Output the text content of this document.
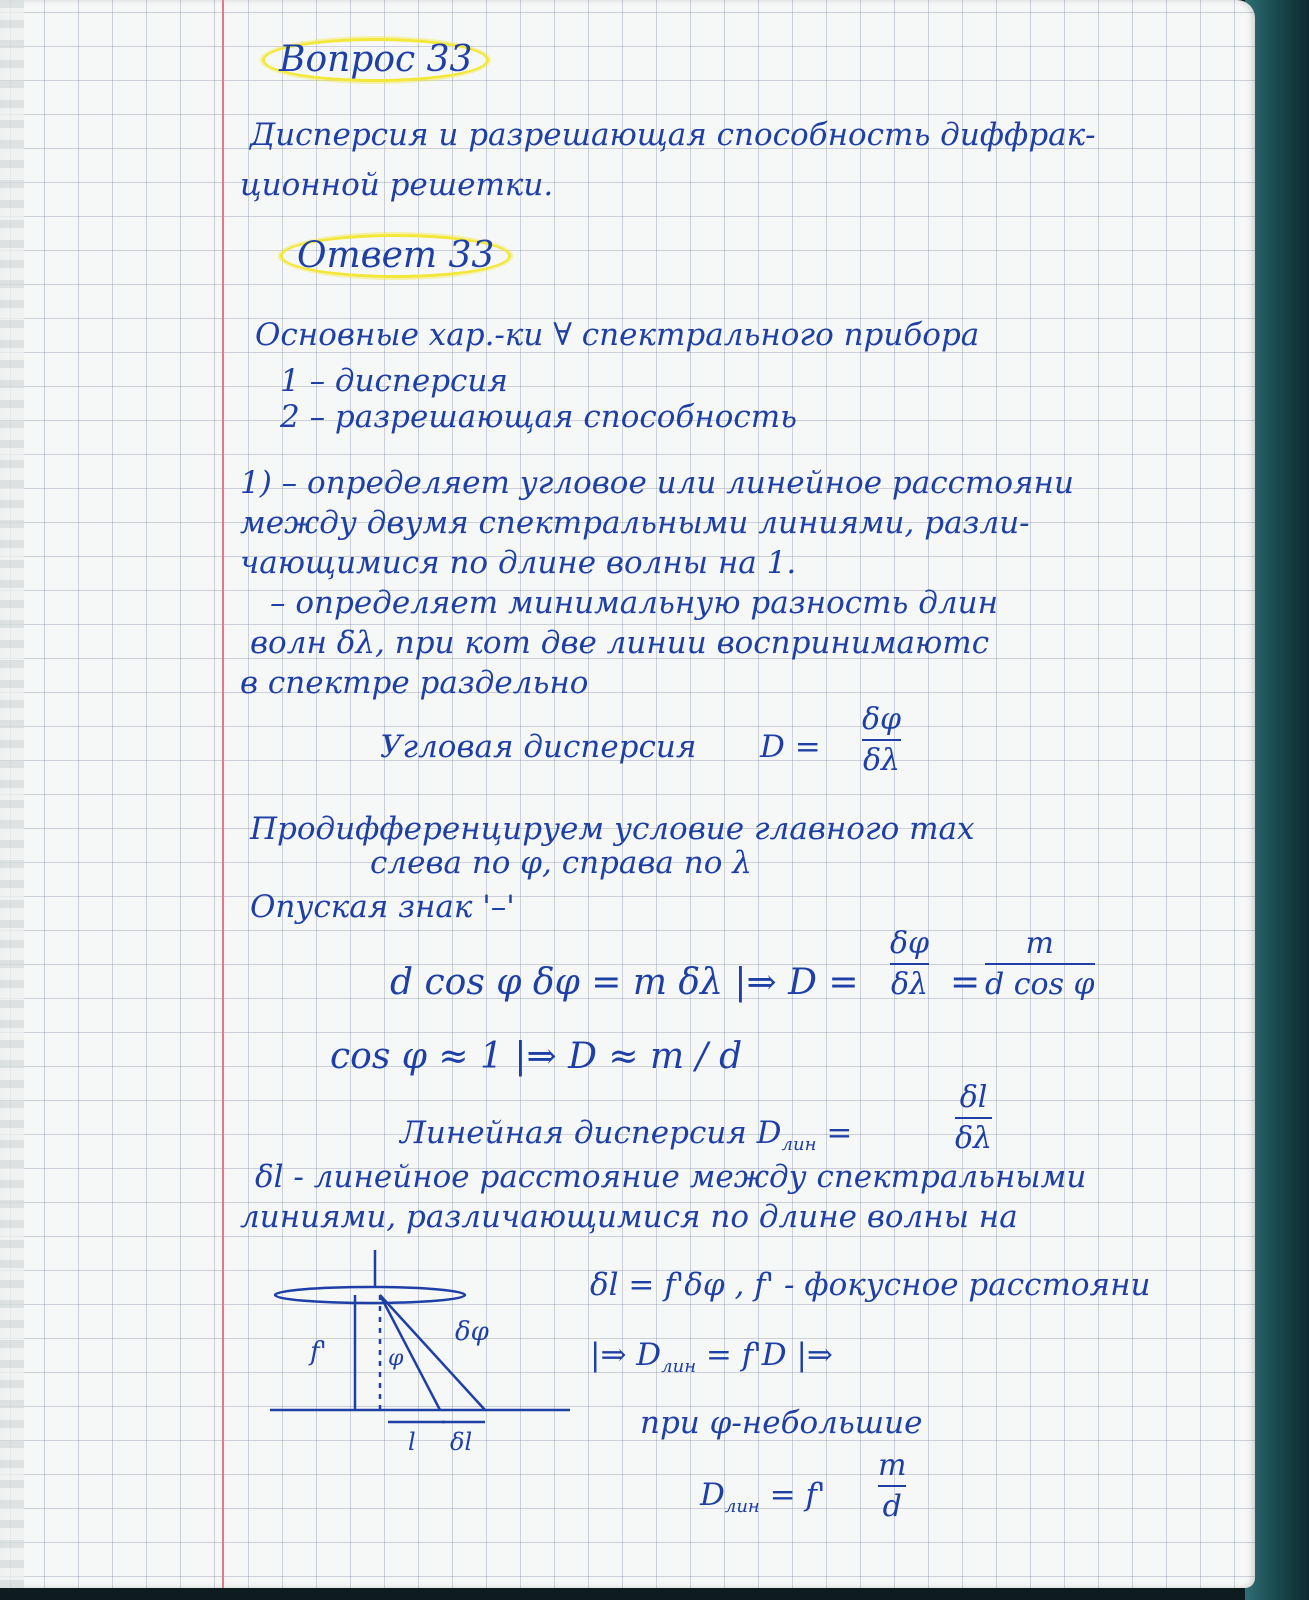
Вопрос 33
Дисперсия и разрешающая способность диффрак-
ционной решетки.
Ответ 33
Основные хар.-ки ∀ спектрального прибора
1 – дисперсия
2 – разрешающая способность
1) – определяет угловое или линейное расстояни
между двумя спектральными линиями, разли-
чающимися по длине волны на 1.
– определяет минимальную разность длин
волн δλ, при кот две линии воспринимаютс
в спектре раздельно
Угловая дисперсия D =
δφ
δλ
Продифференцируем условие главного max
слева по φ, справа по λ
Опуская знак '–'
d cos φ δφ = m δλ |⇒ D =
δφ
δλ =
m
d cos φ
cos φ ≈ 1 |⇒ D ≈ m / d
Линейная дисперсия $D_{лин}$ =
δl
δλ
δl - линейное расстояние между спектральными
линиями, различающимися по длине волны на
δl = f'δφ , f' - фокусное расстояни
|⇒ $D_{лин} = f'D$ |⇒
при φ-небольшие
$D_{лин} = f'$
m
d
f'	φ
δφ
l δl
